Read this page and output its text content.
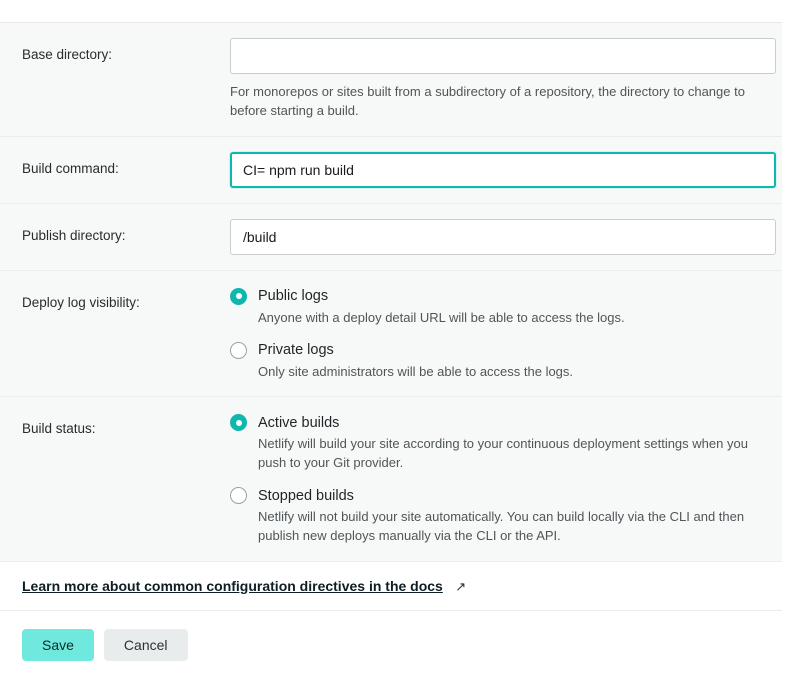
Base directory:
For monorepos or sites built from a subdirectory of a repository, the directory to change to before starting a build.
Build command:
CI= npm run build
Publish directory:
/build
Deploy log visibility:	Public logs
Anyone with a deploy detail URL will be able to access the logs.
Private logs
Only site administrators will be able to access the logs.
Build status:	Active builds
Netlify will build your site according to your continuous deployment settings when you push to your Git provider.
Stopped builds
Netlify will not build your site automatically. You can build locally via the CLI and then publish new deploys manually via the CLI or the API.
Learn more about common configuration directives in the docs ↗
Save	Cancel
